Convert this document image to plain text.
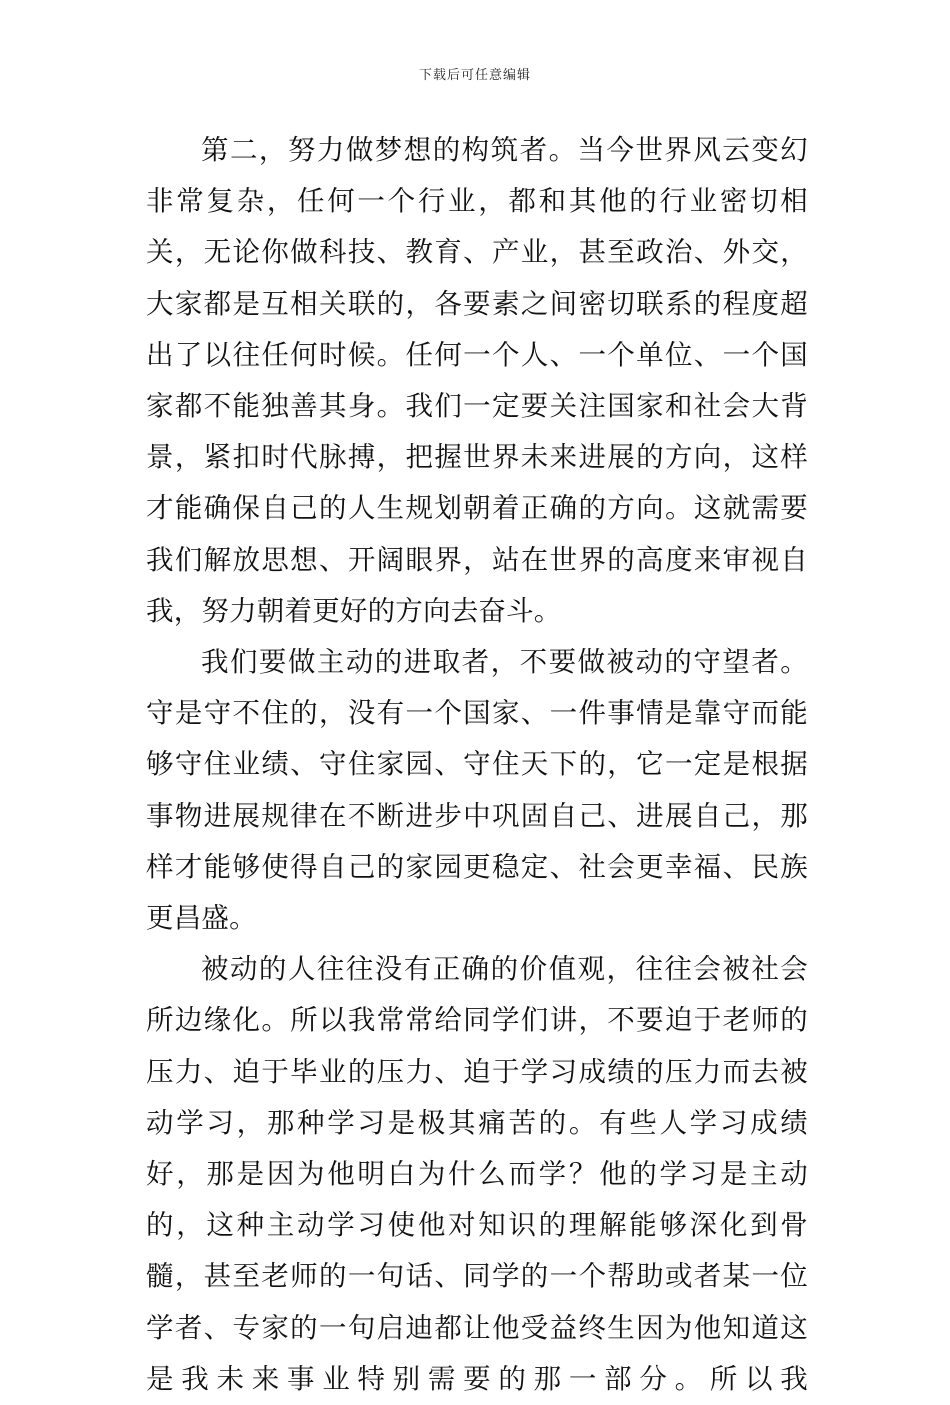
下载后可任意编辑

第二，努力做梦想的构筑者。当今世界风云变幻非常复杂，任何一个行业，都和其他的行业密切相关，无论你做科技、教育、产业，甚至政治、外交，大家都是互相关联的，各要素之间密切联系的程度超出了以往任何时候。任何一个人、一个单位、一个国家都不能独善其身。我们一定要关注国家和社会大背景，紧扣时代脉搏，把握世界未来进展的方向，这样才能确保自己的人生规划朝着正确的方向。这就需要我们解放思想、开阔眼界，站在世界的高度来审视自我，努力朝着更好的方向去奋斗。

我们要做主动的进取者，不要做被动的守望者。守是守不住的，没有一个国家、一件事情是靠守而能够守住业绩、守住家园、守住天下的，它一定是根据事物进展规律在不断进步中巩固自己、进展自己，那样才能够使得自己的家园更稳定、社会更幸福、民族更昌盛。

被动的人往往没有正确的价值观，往往会被社会所边缘化。所以我常常给同学们讲，不要迫于老师的压力、迫于毕业的压力、迫于学习成绩的压力而去被动学习，那种学习是极其痛苦的。有些人学习成绩好，那是因为他明白为什么而学？他的学习是主动的，这种主动学习使他对知识的理解能够深化到骨髓，甚至老师的一句话、同学的一个帮助或者某一位学者、专家的一句启迪都让他受益终生因为他知道这是我未来事业特别需要的那一部分。所以我
